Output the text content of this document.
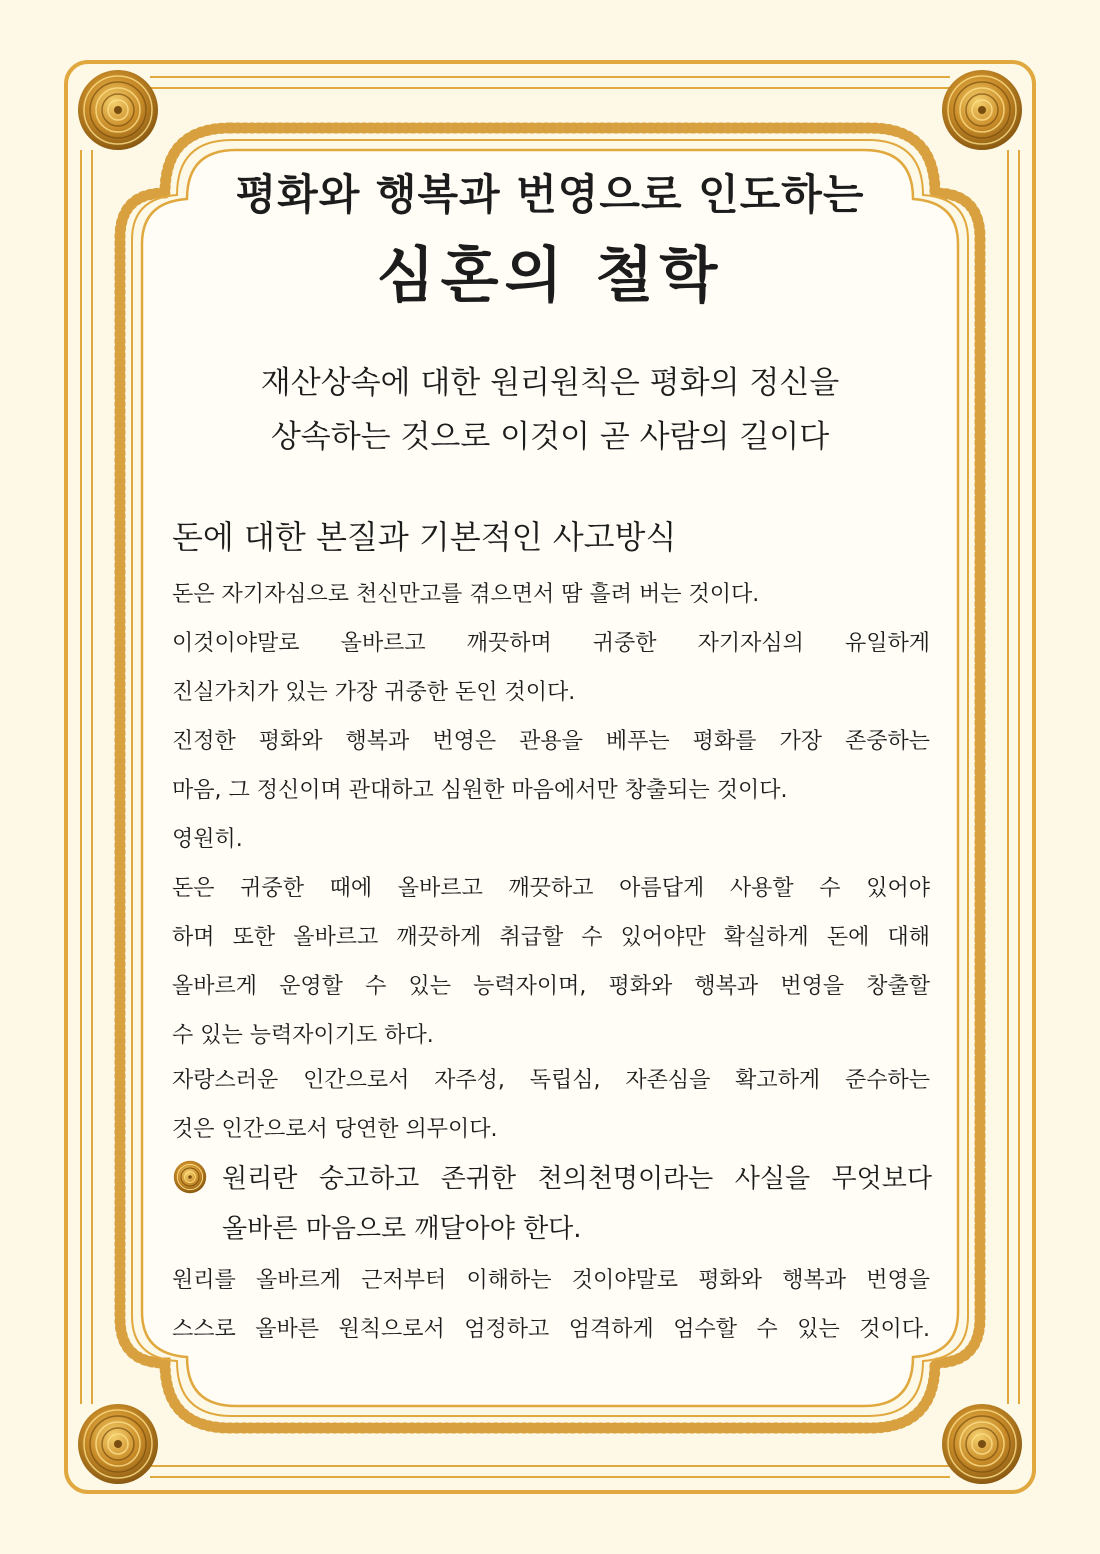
평화와 행복과 번영으로 인도하는
심혼의 철학
재산상속에 대한 원리원칙은 평화의 정신을
상속하는 것으로 이것이 곧 사람의 길이다
돈에 대한 본질과 기본적인 사고방식
돈은 자기자심으로 천신만고를 겪으면서 땀 흘려 버는 것이다.
이것이야말로 올바르고 깨끗하며 귀중한 자기자심의 유일하게
진실가치가 있는 가장 귀중한 돈인 것이다.
진정한 평화와 행복과 번영은 관용을 베푸는 평화를 가장 존중하는
마음, 그 정신이며 관대하고 심원한 마음에서만 창출되는 것이다.
영원히.
돈은 귀중한 때에 올바르고 깨끗하고 아름답게 사용할 수 있어야
하며 또한 올바르고 깨끗하게 취급할 수 있어야만 확실하게 돈에 대해
올바르게 운영할 수 있는 능력자이며, 평화와 행복과 번영을 창출할
수 있는 능력자이기도 하다.
자랑스러운 인간으로서 자주성, 독립심, 자존심을 확고하게 준수하는
것은 인간으로서 당연한 의무이다.
원리란 숭고하고 존귀한 천의천명이라는 사실을 무엇보다
올바른 마음으로 깨달아야 한다.
원리를 올바르게 근저부터 이해하는 것이야말로 평화와 행복과 번영을
스스로 올바른 원칙으로서 엄정하고 엄격하게 엄수할 수 있는 것이다.
